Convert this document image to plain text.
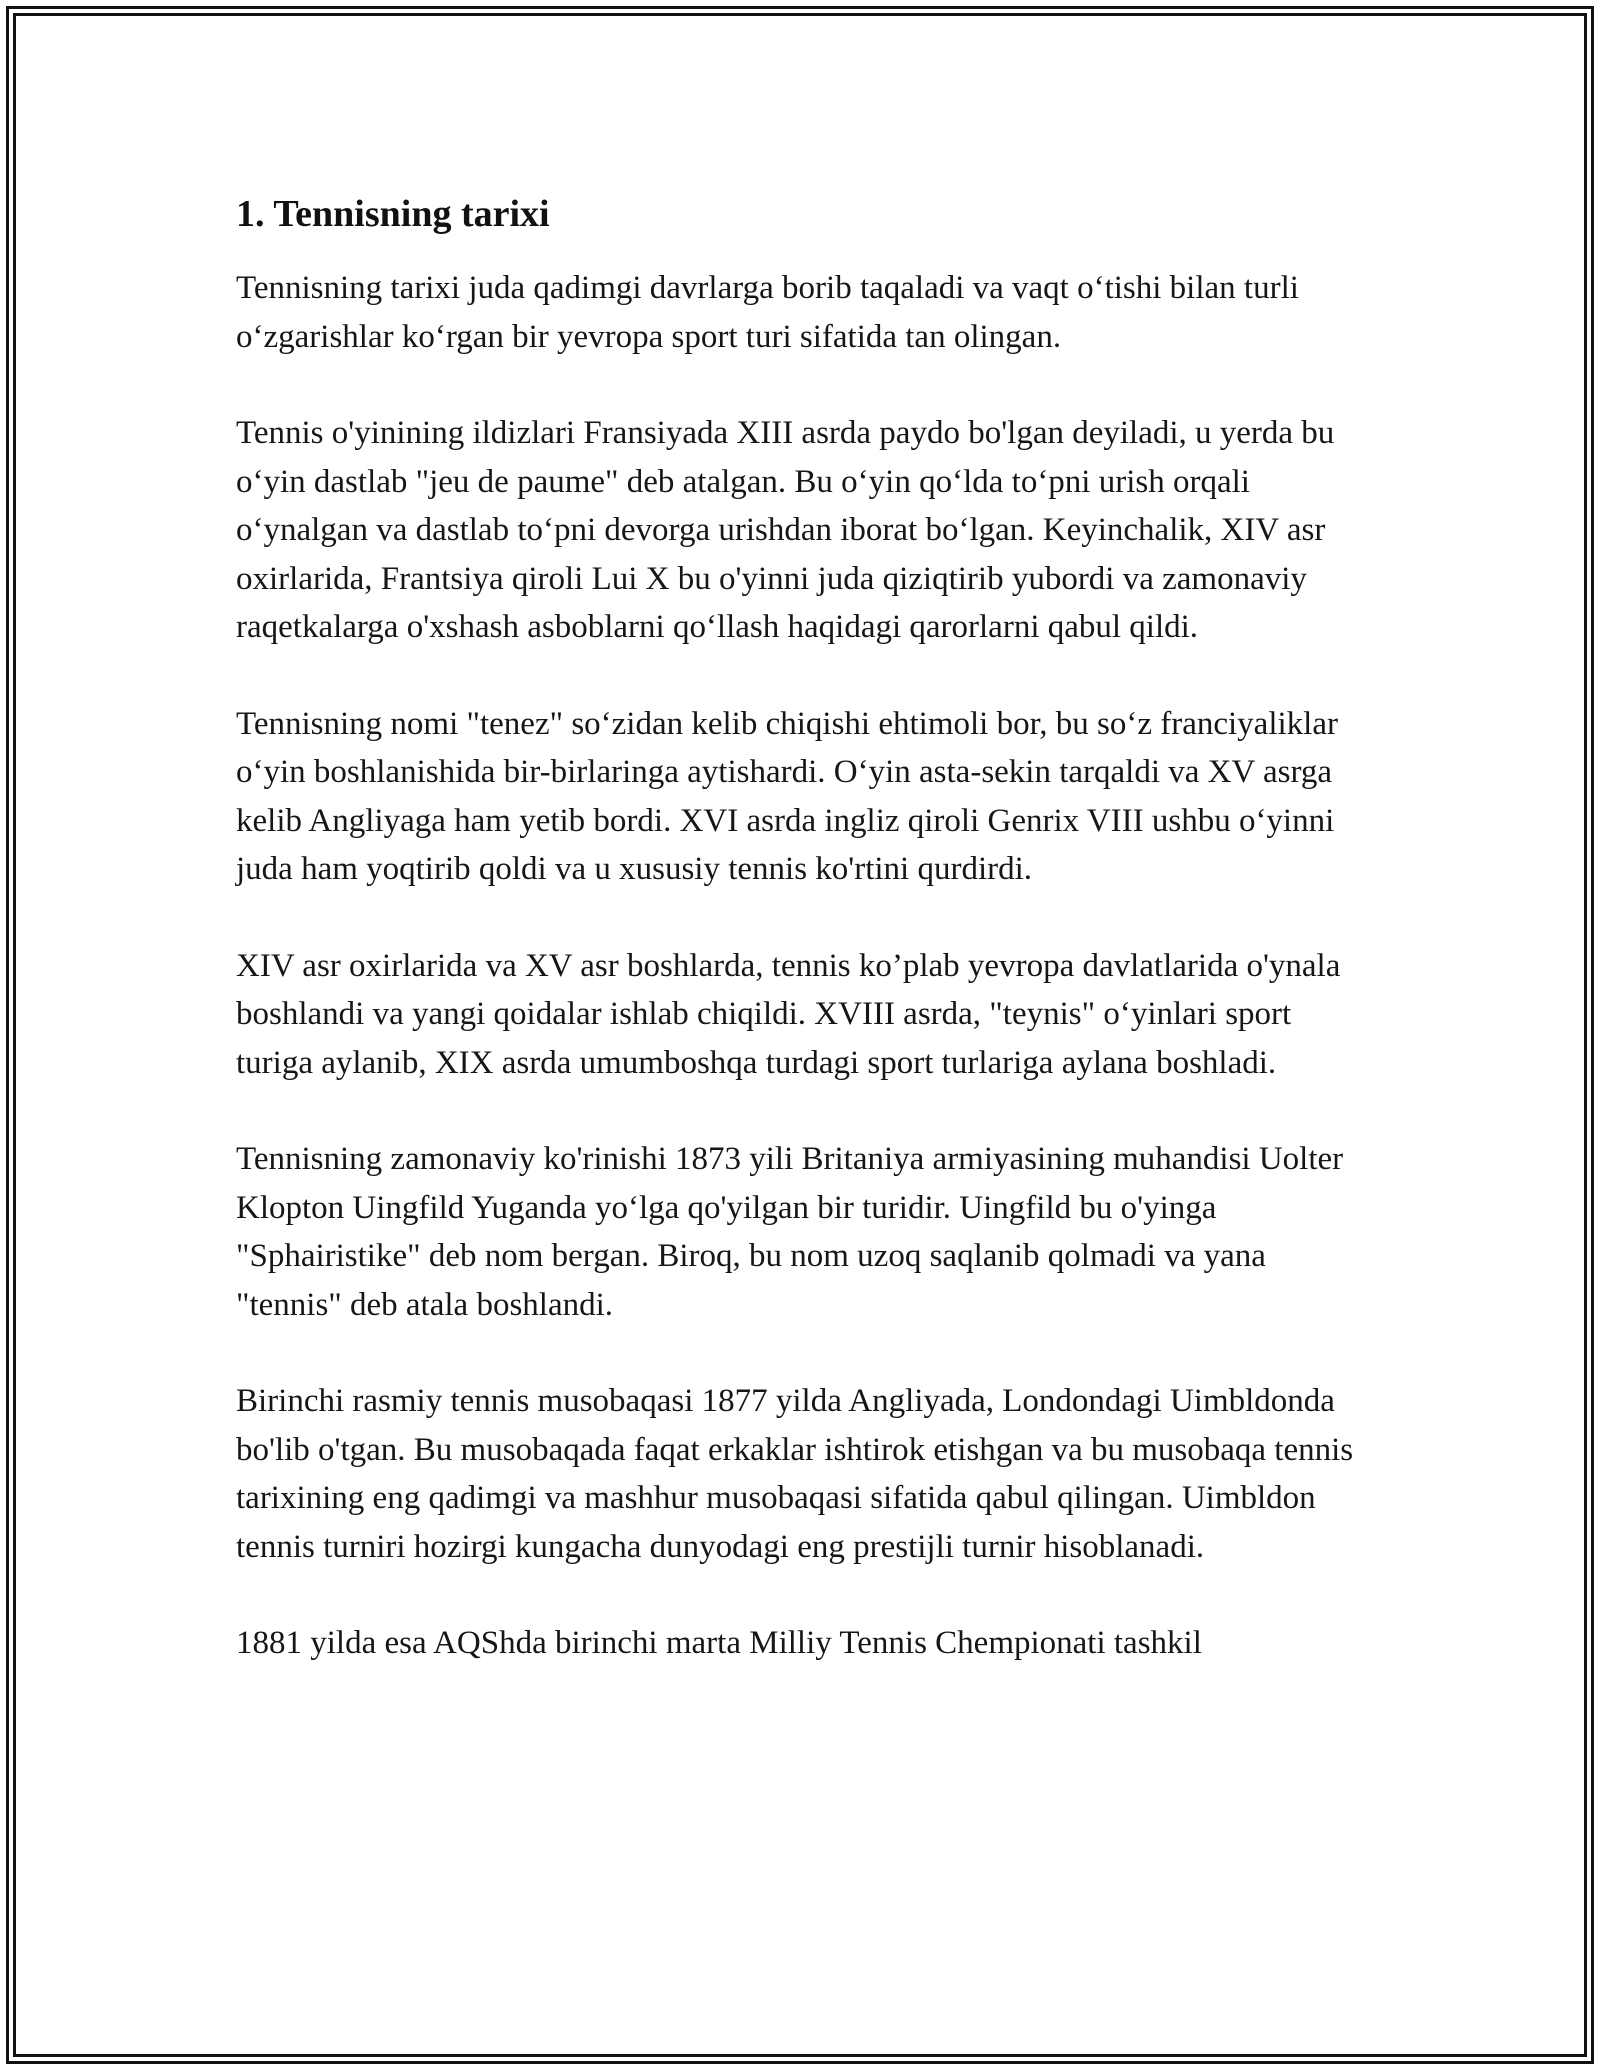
1. Tennisning tarixi

Tennisning tarixi juda qadimgi davrlarga borib taqaladi va vaqt o‘tishi bilan turli o‘zgarishlar ko‘rgan bir yevropa sport turi sifatida tan olingan.

Tennis o'yinining ildizlari Fransiyada XIII asrda paydo bo'lgan deyiladi, u yerda bu o‘yin dastlab "jeu de paume" deb atalgan. Bu o‘yin qo‘lda to‘pni urish orqali o‘ynalgan va dastlab to‘pni devorga urishdan iborat bo‘lgan. Keyinchalik, XIV asr oxirlarida, Frantsiya qiroli Lui X bu o'yinni juda qiziqtirib yubordi va zamonaviy raqetkalarga o'xshash asboblarni qo‘llash haqidagi qarorlarni qabul qildi.

Tennisning nomi "tenez" so‘zidan kelib chiqishi ehtimoli bor, bu so‘z franciyaliklar o‘yin boshlanishida bir-birlaringa aytishardi. O‘yin asta-sekin tarqaldi va XV asrga kelib Angliyaga ham yetib bordi. XVI asrda ingliz qiroli Genrix VIII ushbu o‘yinni juda ham yoqtirib qoldi va u xususiy tennis ko'rtini qurdirdi.

XIV asr oxirlarida va XV asr boshlarda, tennis ko’plab yevropa davlatlarida o'ynala boshlandi va yangi qoidalar ishlab chiqildi. XVIII asrda, "teynis" o‘yinlari sport turiga aylanib, XIX asrda umumboshqa turdagi sport turlariga aylana boshladi.

Tennisning zamonaviy ko'rinishi 1873 yili Britaniya armiyasining muhandisi Uolter Klopton Uingfild Yuganda yo‘lga qo'yilgan bir turidir. Uingfild bu o'yinga "Sphairistike" deb nom bergan. Biroq, bu nom uzoq saqlanib qolmadi va yana "tennis" deb atala boshlandi.

Birinchi rasmiy tennis musobaqasi 1877 yilda Angliyada, Londondagi Uimbldonda bo'lib o'tgan. Bu musobaqada faqat erkaklar ishtirok etishgan va bu musobaqa tennis tarixining eng qadimgi va mashhur musobaqasi sifatida qabul qilingan. Uimbldon tennis turniri hozirgi kungacha dunyodagi eng prestijli turnir hisoblanadi.

1881 yilda esa AQShda birinchi marta Milliy Tennis Chempionati tashkil
